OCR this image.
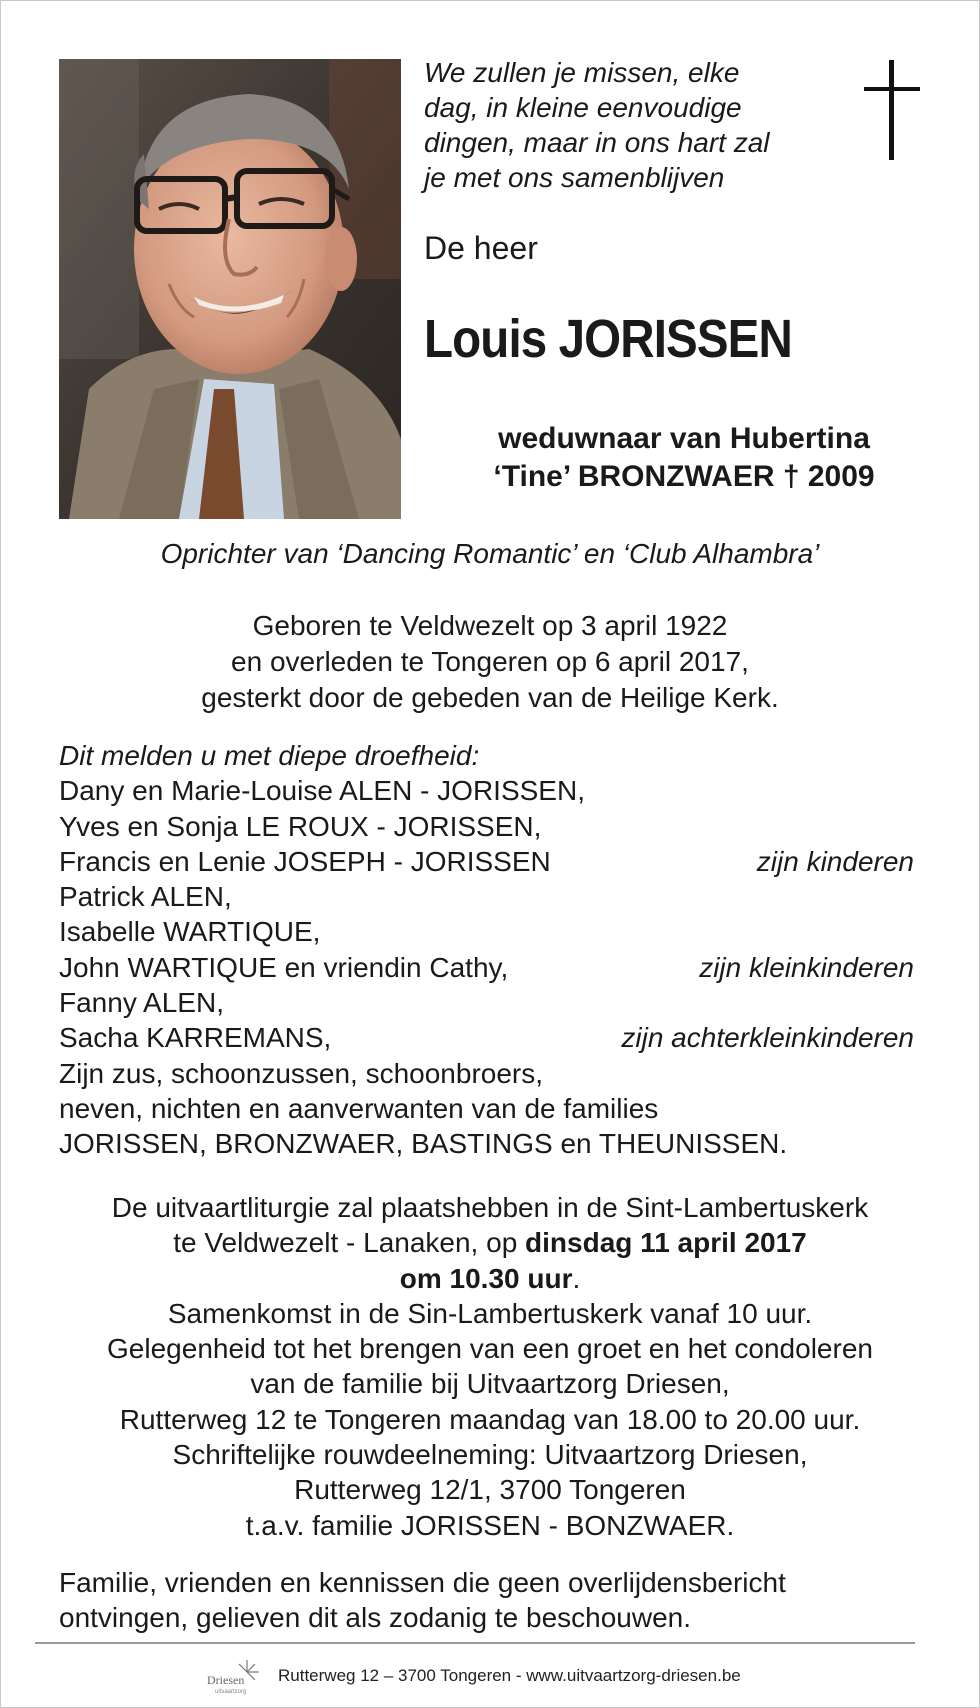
We zullen je missen, elke
dag, in kleine eenvoudige
dingen, maar in ons hart zal
je met ons samenblijven
De heer
Louis JORISSEN
weduwnaar van Hubertina
‘Tine’ BRONZWAER † 2009
Oprichter van ‘Dancing Romantic’ en ‘Club Alhambra’
Geboren te Veldwezelt op 3 april 1922
en overleden te Tongeren op 6 april 2017,
gesterkt door de gebeden van de Heilige Kerk.
Dit melden u met diepe droefheid:
Dany en Marie-Louise ALEN - JORISSEN,
Yves en Sonja LE ROUX - JORISSEN,
Francis en Lenie JOSEPH - JORISSEN	zijn kinderen
Patrick ALEN,
Isabelle WARTIQUE,
John WARTIQUE en vriendin Cathy,	zijn kleinkinderen
Fanny ALEN,
Sacha KARREMANS,	zijn achterkleinkinderen
Zijn zus, schoonzussen, schoonbroers,
neven, nichten en aanverwanten van de families
JORISSEN, BRONZWAER, BASTINGS en THEUNISSEN.
De uitvaartliturgie zal plaatshebben in de Sint-Lambertuskerk
te Veldwezelt - Lanaken, op dinsdag 11 april 2017
om 10.30 uur.
Samenkomst in de Sin-Lambertuskerk vanaf 10 uur.
Gelegenheid tot het brengen van een groet en het condoleren
van de familie bij Uitvaartzorg Driesen,
Rutterweg 12 te Tongeren maandag van 18.00 to 20.00 uur.
Schriftelijke rouwdeelneming: Uitvaartzorg Driesen,
Rutterweg 12/1, 3700 Tongeren
t.a.v. familie JORISSEN - BONZWAER.
Familie, vrienden en kennissen die geen overlijdensbericht
ontvingen, gelieven dit als zodanig te beschouwen.
Driesen
uitvaartzorg
Rutterweg 12 – 3700 Tongeren - www.uitvaartzorg-driesen.be
